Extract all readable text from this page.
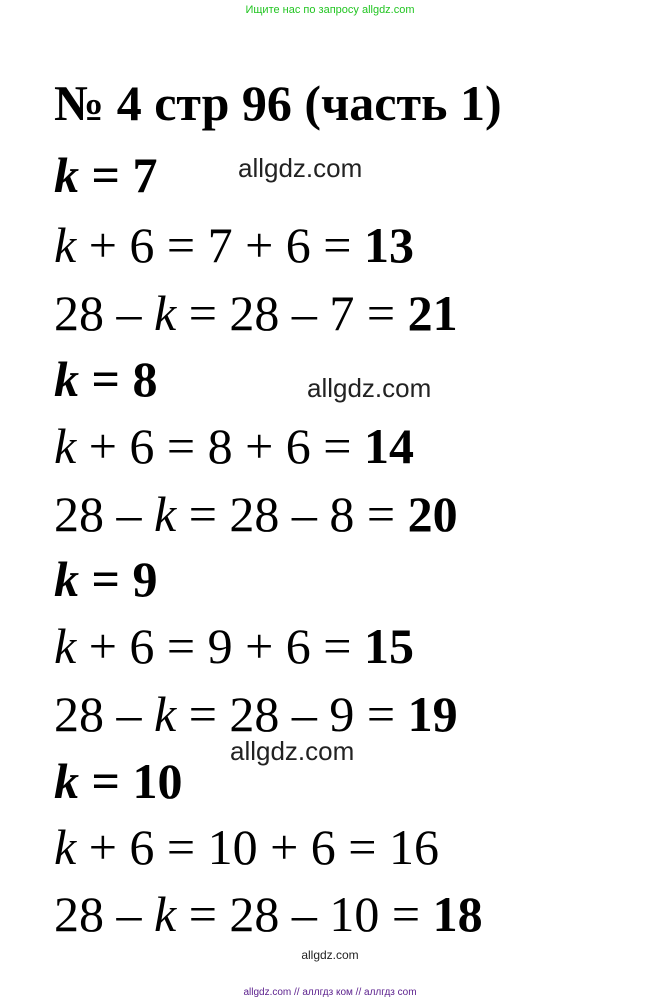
Ищите нас по запросу allgdz.com
№ 4 стр 96 (часть 1)
k = 7
k + 6 = 7 + 6 = 13
28 – k = 28 – 7 = 21
k = 8
k + 6 = 8 + 6 = 14
28 – k = 28 – 8 = 20
k = 9
k + 6 = 9 + 6 = 15
28 – k = 28 – 9 = 19
k = 10
k + 6 = 10 + 6 = 16
28 – k = 28 – 10 = 18
allgdz.com
allgdz.com
allgdz.com
allgdz.com
allgdz.com // аллгдз ком // аллгдз com
